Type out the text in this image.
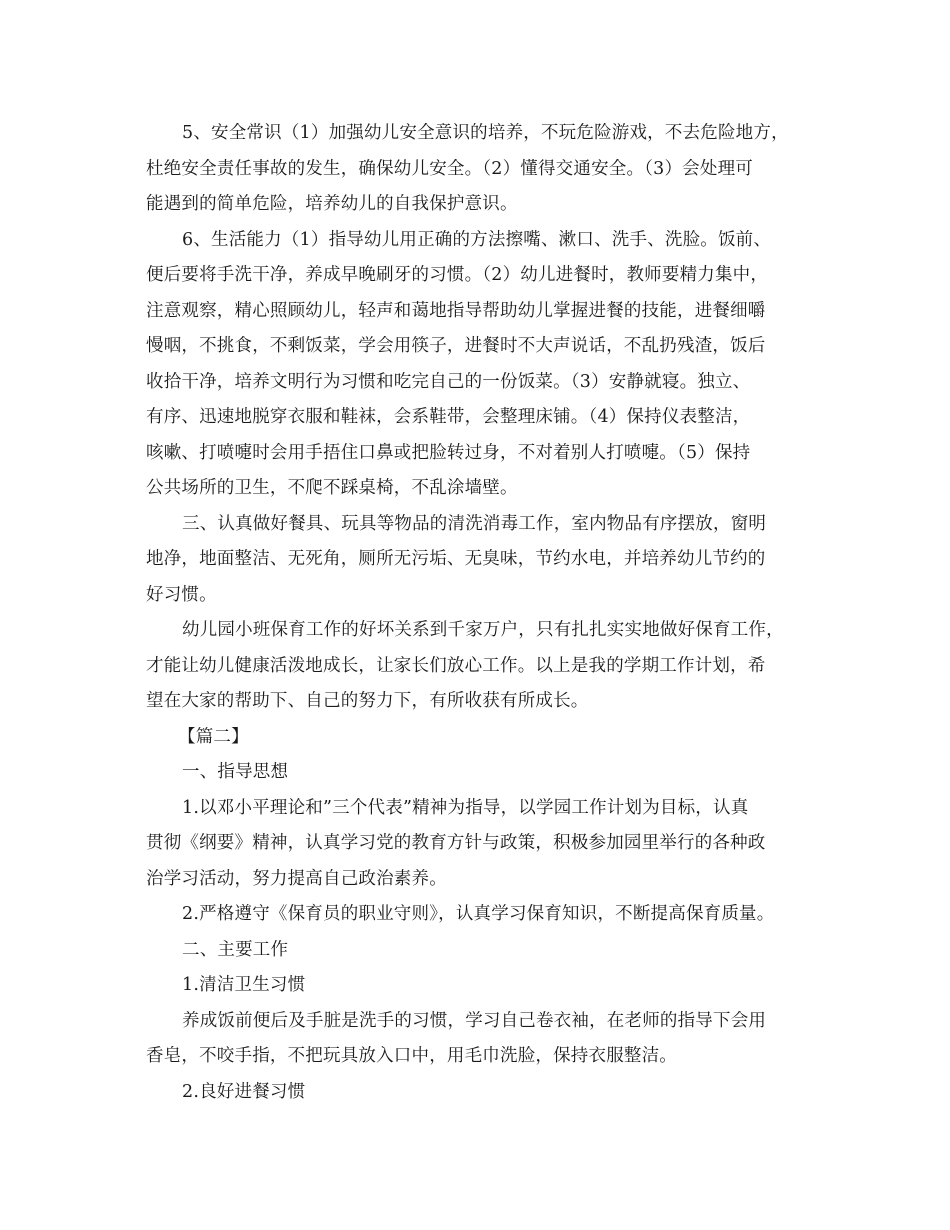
5、安全常识（1）加强幼儿安全意识的培养，不玩危险游戏，不去危险地方，
杜绝安全责任事故的发生，确保幼儿安全。（2）懂得交通安全。（3）会处理可
能遇到的简单危险，培养幼儿的自我保护意识。
6、生活能力（1）指导幼儿用正确的方法擦嘴、漱口、洗手、洗脸。饭前、
便后要将手洗干净，养成早晚刷牙的习惯。（2）幼儿进餐时，教师要精力集中，
注意观察，精心照顾幼儿，轻声和蔼地指导帮助幼儿掌握进餐的技能，进餐细嚼
慢咽，不挑食，不剩饭菜，学会用筷子，进餐时不大声说话，不乱扔残渣，饭后
收拾干净，培养文明行为习惯和吃完自己的一份饭菜。（3）安静就寝。独立、
有序、迅速地脱穿衣服和鞋袜，会系鞋带，会整理床铺。（4）保持仪表整洁，
咳嗽、打喷嚏时会用手捂住口鼻或把脸转过身，不对着别人打喷嚏。（5）保持
公共场所的卫生，不爬不踩桌椅，不乱涂墙壁。
三、认真做好餐具、玩具等物品的清洗消毒工作，室内物品有序摆放，窗明
地净，地面整洁、无死角，厕所无污垢、无臭味，节约水电，并培养幼儿节约的
好习惯。
幼儿园小班保育工作的好坏关系到千家万户，只有扎扎实实地做好保育工作，
才能让幼儿健康活泼地成长，让家长们放心工作。以上是我的学期工作计划，希
望在大家的帮助下、自己的努力下，有所收获有所成长。
【篇二】
一、指导思想
1.以邓小平理论和”三个代表”精神为指导，以学园工作计划为目标，认真
贯彻《纲要》精神，认真学习党的教育方针与政策，积极参加园里举行的各种政
治学习活动，努力提高自己政治素养。
2.严格遵守《保育员的职业守则》，认真学习保育知识，不断提高保育质量。
二、主要工作
1.清洁卫生习惯
养成饭前便后及手脏是洗手的习惯，学习自己卷衣袖，在老师的指导下会用
香皂，不咬手指，不把玩具放入口中，用毛巾洗脸，保持衣服整洁。
2.良好进餐习惯
